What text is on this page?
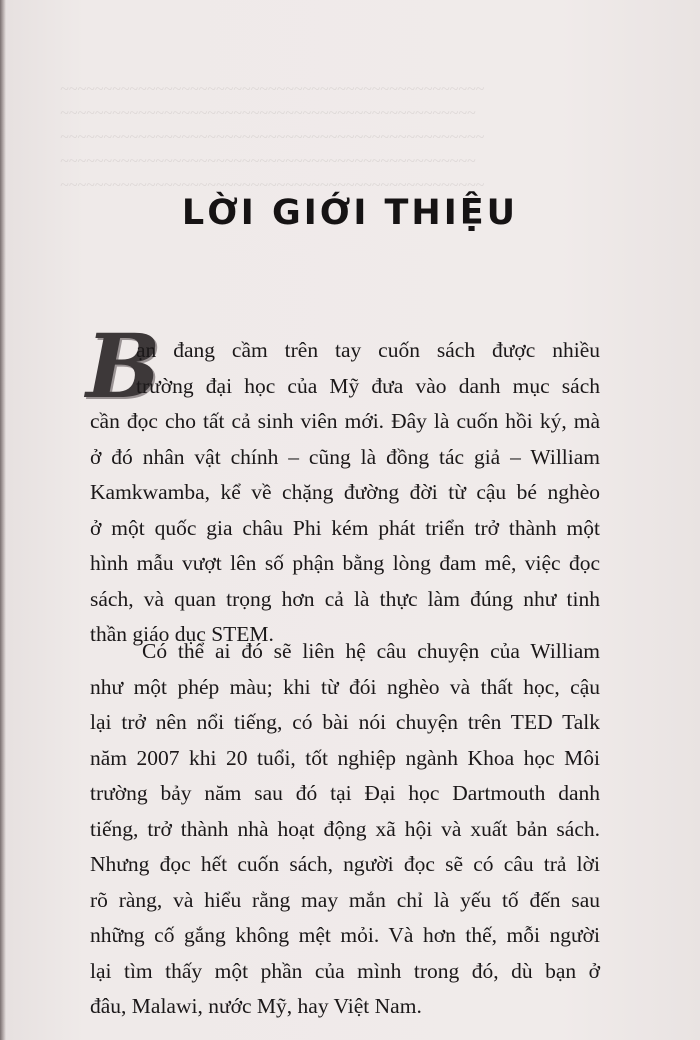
~~~~~~~~~~~~~~~~~~~~~~~~~~~~~~~~~~~~~~~~~~~~~~~~~
~~~~~~~~~~~~~~~~~~~~~~~~~~~~~~~~~~~~~~~~~~~~~~~~
~~~~~~~~~~~~~~~~~~~~~~~~~~~~~~~~~~~~~~~~~~~~~~~~~
~~~~~~~~~~~~~~~~~~~~~~~~~~~~~~~~~~~~~~~~~~~~~~~~
~~~~~~~~~~~~~~~~~~~~~~~~~~~~~~~~~~~~~~~~~~~~~~~~~
LỜI GIỚI THIỆU
B
ạn đang cầm trên tay cuốn sách được nhiều
trường đại học của Mỹ đưa vào danh mục sách
cần đọc cho tất cả sinh viên mới. Đây là cuốn hồi ký, mà
ở đó nhân vật chính – cũng là đồng tác giả – William
Kamkwamba, kể về chặng đường đời từ cậu bé nghèo
ở một quốc gia châu Phi kém phát triển trở thành một
hình mẫu vượt lên số phận bằng lòng đam mê, việc đọc
sách, và quan trọng hơn cả là thực làm đúng như tinh
thần giáo dục STEM.
Có thể ai đó sẽ liên hệ câu chuyện của William
như một phép màu; khi từ đói nghèo và thất học, cậu
lại trở nên nổi tiếng, có bài nói chuyện trên TED Talk
năm 2007 khi 20 tuổi, tốt nghiệp ngành Khoa học Môi
trường bảy năm sau đó tại Đại học Dartmouth danh
tiếng, trở thành nhà hoạt động xã hội và xuất bản sách.
Nhưng đọc hết cuốn sách, người đọc sẽ có câu trả lời
rõ ràng, và hiểu rằng may mắn chỉ là yếu tố đến sau
những cố gắng không mệt mỏi. Và hơn thế, mỗi người
lại tìm thấy một phần của mình trong đó, dù bạn ở
đâu, Malawi, nước Mỹ, hay Việt Nam.
